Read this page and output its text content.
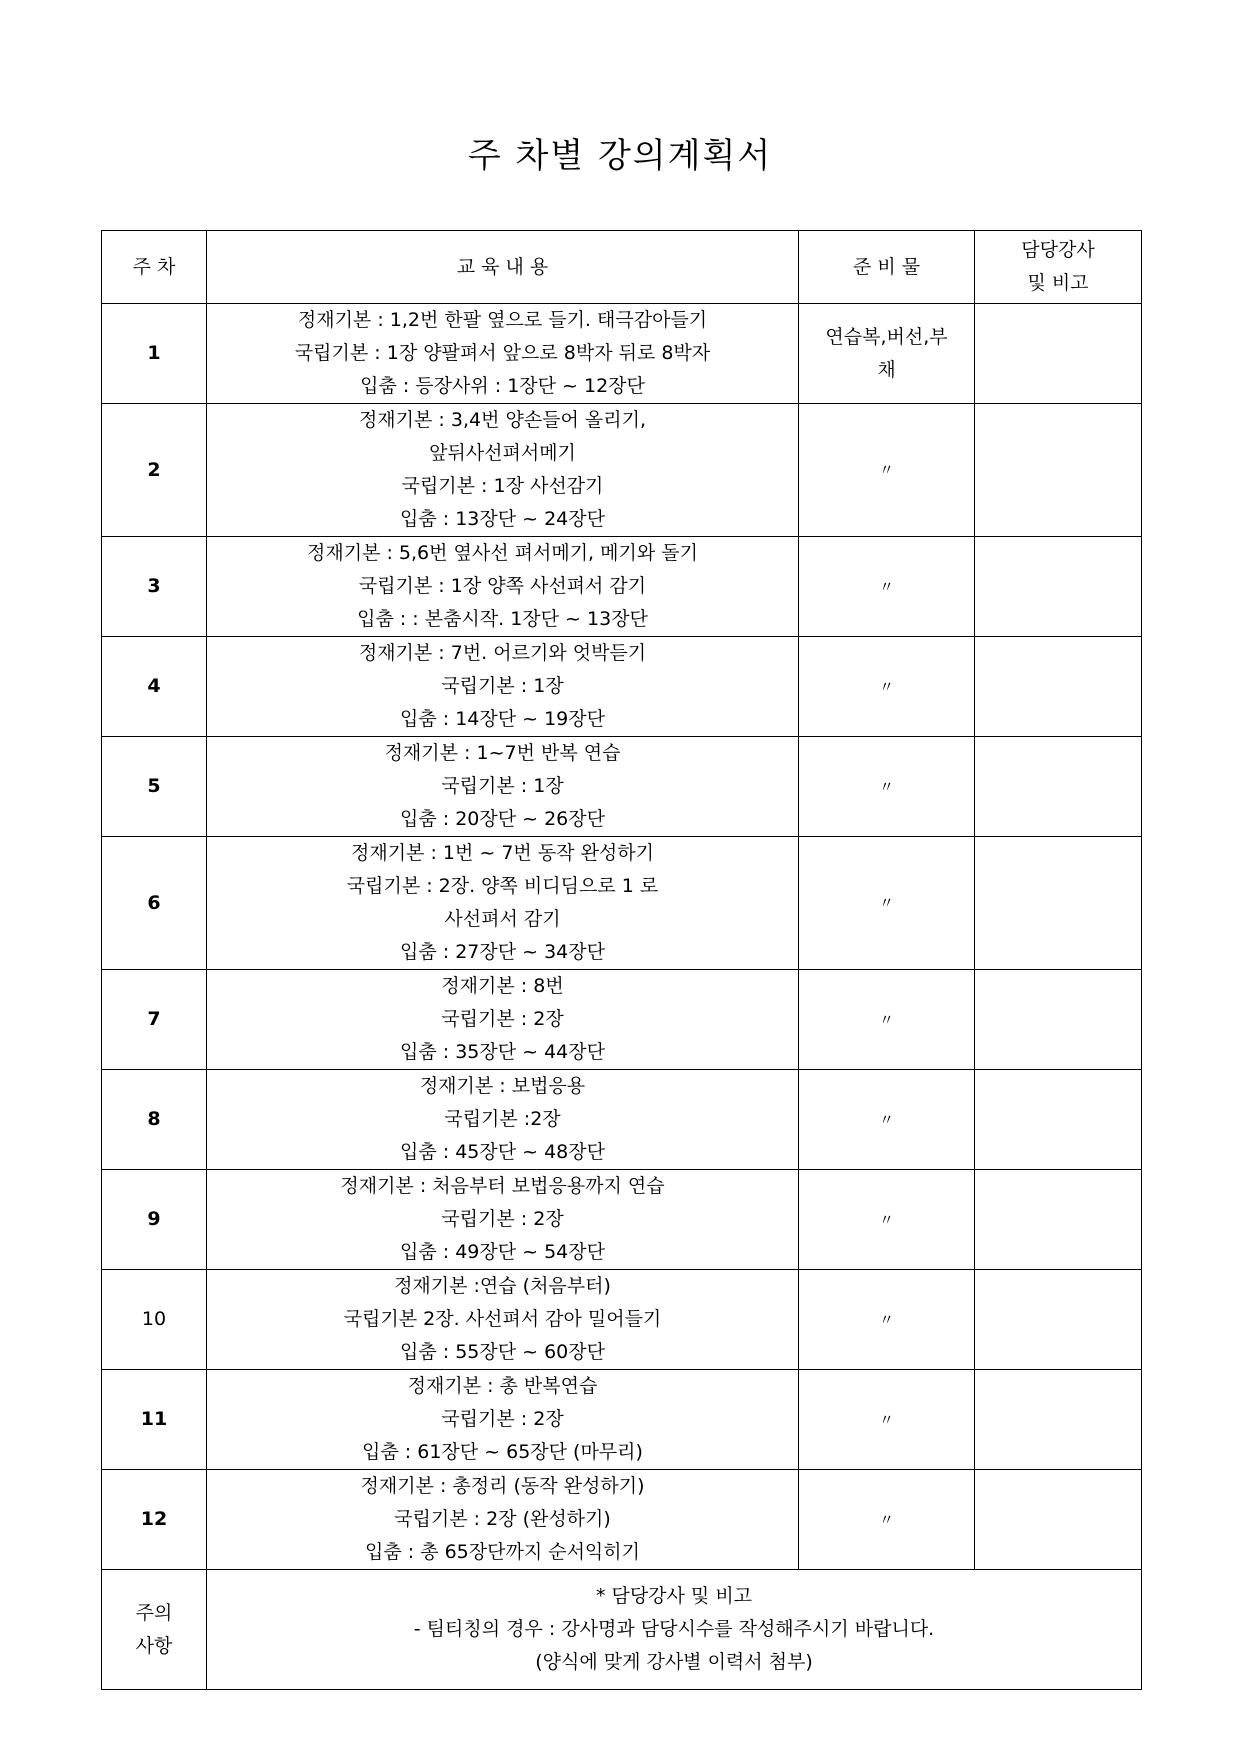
주 차별 강의계획서
주 차	교 육 내 용	준 비 물	담당강사
및 비고

1	정재기본 : 1,2번 한팔 옆으로 들기. 태극감아들기
국립기본 : 1장 양팔펴서 앞으로 8박자 뒤로 8박자
입춤 : 등장사위 : 1장단 ~ 12장단	연습복,버선,부
채	

2	정재기본 : 3,4번 양손들어 올리기,
앞뒤사선펴서메기
국립기본 : 1장 사선감기
입춤 : 13장단 ~ 24장단	〃	
3	정재기본 : 5,6번 옆사선 펴서메기, 메기와 돌기
국립기본 : 1장 양쪽 사선펴서 감기
입춤 : : 본춤시작. 1장단 ~ 13장단	〃	
4	정재기본 : 7번. 어르기와 엇박듣기
국립기본 : 1장
입춤 : 14장단 ~ 19장단	〃	
5	정재기본 : 1~7번 반복 연습
국립기본 : 1장
입춤 : 20장단 ~ 26장단	〃	
6	정재기본 : 1번 ~ 7번 동작 완성하기
국립기본 : 2장. 양쪽 비디딤으로 1 로
사선펴서 감기
입춤 : 27장단 ~ 34장단	〃	
7	정재기본 : 8번
국립기본 : 2장
입춤 : 35장단 ~ 44장단	〃	
8	정재기본 : 보법응용
국립기본 :2장
입춤 : 45장단 ~ 48장단	〃	
9	정재기본 : 처음부터 보법응용까지 연습
국립기본 : 2장
입춤 : 49장단 ~ 54장단	〃	
10	정재기본 :연습 (처음부터)
국립기본 2장. 사선펴서 감아 밀어들기
입춤 : 55장단 ~ 60장단	〃	
11	정재기본 : 총 반복연습
국립기본 : 2장
입춤 : 61장단 ~ 65장단 (마무리)	〃	
12	정재기본 : 총정리 (동작 완성하기)
국립기본 : 2장 (완성하기)
입춤 : 총 65장단까지 순서익히기	〃	

주의
사항	* 담당강사 및 비고
- 팀티칭의 경우 : 강사명과 담당시수를 작성해주시기 바랍니다.
(양식에 맞게 강사별 이력서 첨부)		
